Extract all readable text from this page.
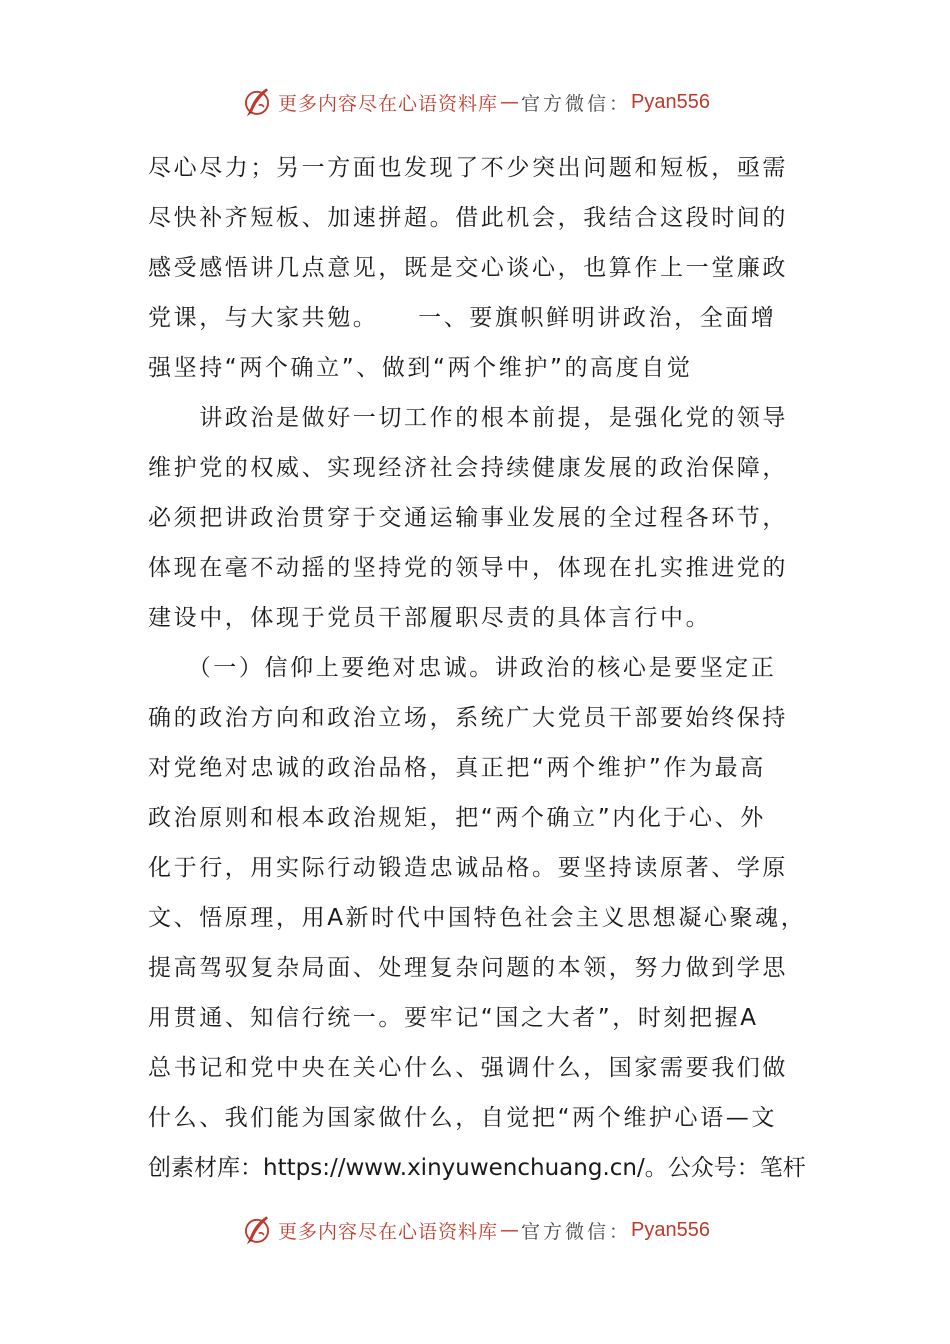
更多内容尽在心语资料库 — 官方微信： Pyan556
尽心尽力；另一方面也发现了不少突出问题和短板，亟需
尽快补齐短板、加速拼超。借此机会，我结合这段时间的
感受感悟讲几点意见，既是交心谈心，也算作上一堂廉政
党课，与大家共勉。　　一、要旗帜鲜明讲政治，全面增
强坚持“两个确立”、做到“两个维护”的高度自觉
　　讲政治是做好一切工作的根本前提，是强化党的领导
维护党的权威、实现经济社会持续健康发展的政治保障，
必须把讲政治贯穿于交通运输事业发展的全过程各环节，
体现在毫不动摇的坚持党的领导中，体现在扎实推进党的
建设中，体现于党员干部履职尽责的具体言行中。
　　（一）信仰上要绝对忠诚。讲政治的核心是要坚定正
确的政治方向和政治立场，系统广大党员干部要始终保持
对党绝对忠诚的政治品格，真正把“两个维护”作为最高
政治原则和根本政治规矩，把“两个确立”内化于心、外
化于行，用实际行动锻造忠诚品格。要坚持读原著、学原
文、悟原理，用A新时代中国特色社会主义思想凝心聚魂，
提高驾驭复杂局面、处理复杂问题的本领，努力做到学思
用贯通、知信行统一。要牢记“国之大者”，时刻把握A
总书记和党中央在关心什么、强调什么，国家需要我们做
什么、我们能为国家做什么，自觉把“两个维护心语—文
创素材库：https://www.xinyuwenchuang.cn/。公众号：笔杆
更多内容尽在心语资料库 — 官方微信： Pyan556
